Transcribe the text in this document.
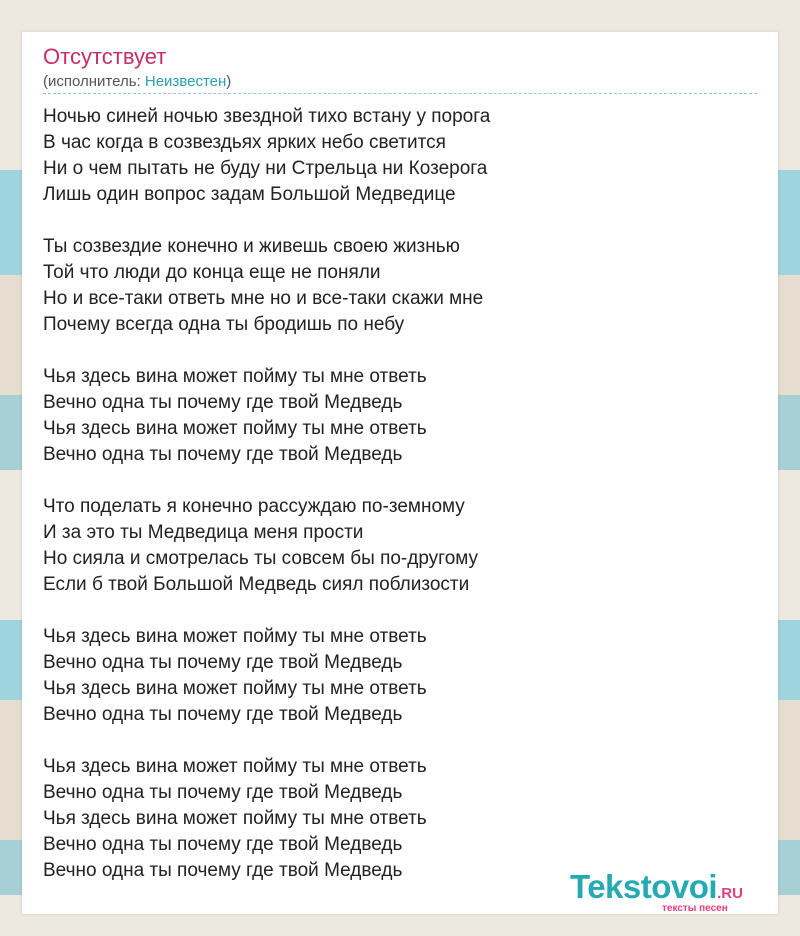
Отсутствует
(исполнитель: Неизвестен)
Ночью синей ночью звездной тихо встану у порога
В час когда в созвездьях ярких небо светится
Ни о чем пытать не буду ни Стрельца ни Козерога
Лишь один вопрос задам Большой Медведице
Ты созвездие конечно и живешь своею жизнью
Той что люди до конца еще не поняли
Но и все-таки ответь мне но и все-таки скажи мне
Почему всегда одна ты бродишь по небу
Чья здесь вина может пойму ты мне ответь
Вечно одна ты почему где твой Медведь
Чья здесь вина может пойму ты мне ответь
Вечно одна ты почему где твой Медведь
Что поделать я конечно рассуждаю по-земному
И за это ты Медведица меня прости
Но сияла и смотрелась ты совсем бы по-другому
Если б твой Большой Медведь сиял поблизости
Чья здесь вина может пойму ты мне ответь
Вечно одна ты почему где твой Медведь
Чья здесь вина может пойму ты мне ответь
Вечно одна ты почему где твой Медведь
Чья здесь вина может пойму ты мне ответь
Вечно одна ты почему где твой Медведь
Чья здесь вина может пойму ты мне ответь
Вечно одна ты почему где твой Медведь
Вечно одна ты почему где твой Медведь	Tekstovoi.RU
тексты песен
